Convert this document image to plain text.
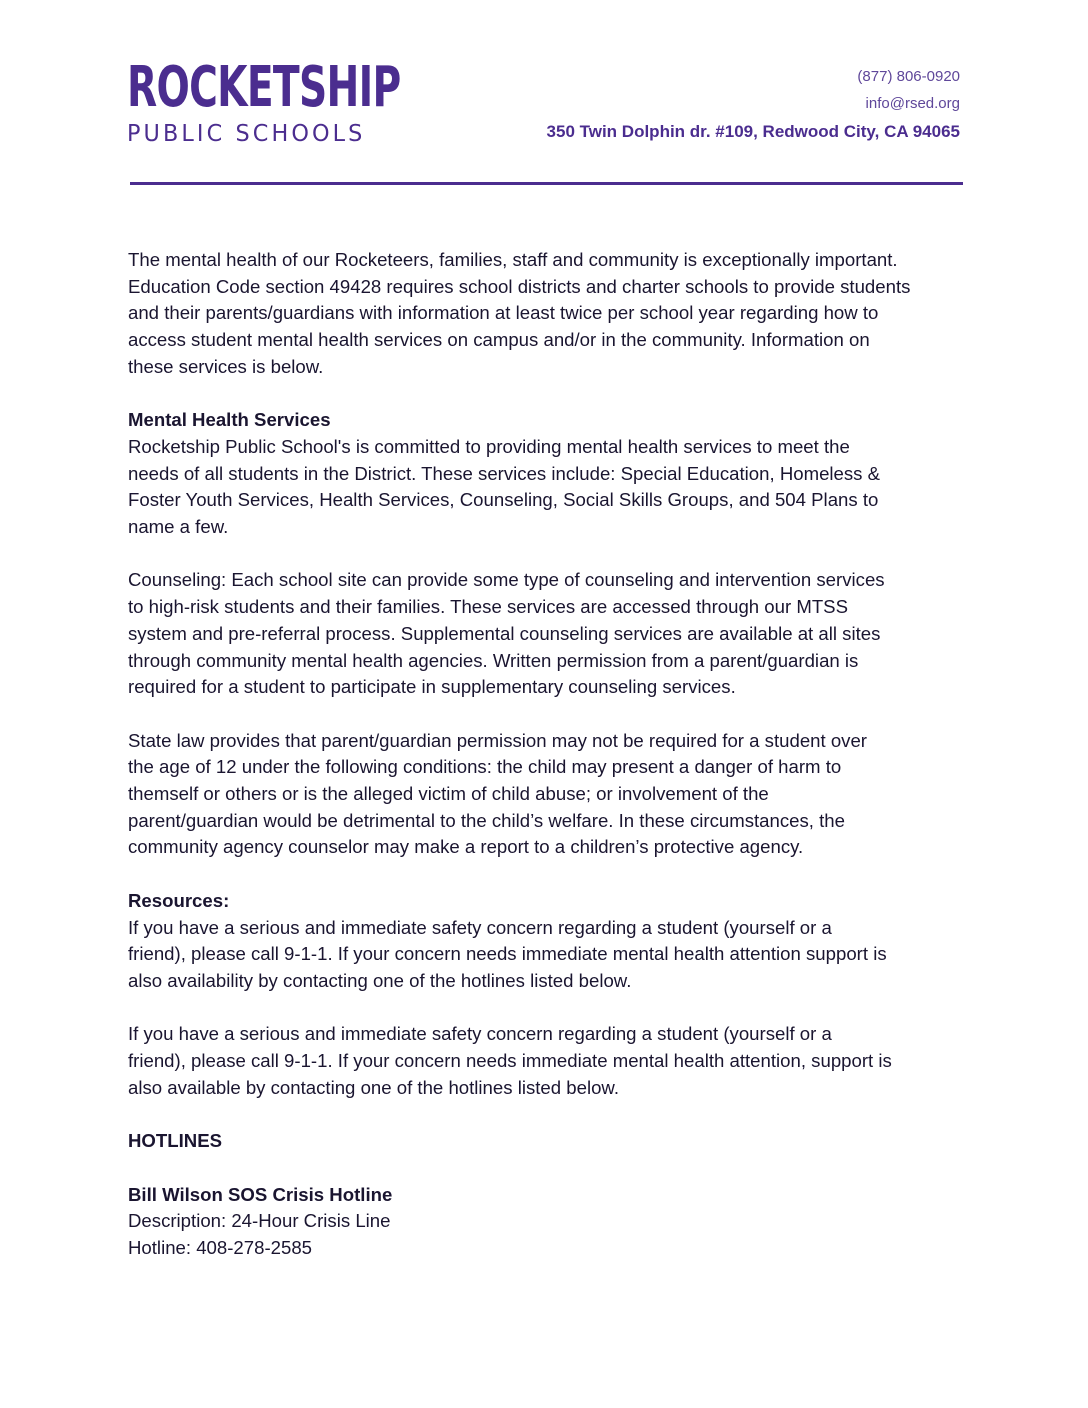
ROCKETSHIP
PUBLIC SCHOOLS
(877) 806-0920
info@rsed.org
350 Twin Dolphin dr. #109, Redwood City, CA 94065
The mental health of our Rocketeers, families, staff and community is exceptionally important.
Education Code section 49428 requires school districts and charter schools to provide students
and their parents/guardians with information at least twice per school year regarding how to
access student mental health services on campus and/or in the community. Information on
these services is below.
Mental Health Services
Rocketship Public School's is committed to providing mental health services to meet the
needs of all students in the District. These services include: Special Education, Homeless &
Foster Youth Services, Health Services, Counseling, Social Skills Groups, and 504 Plans to
name a few.
Counseling: Each school site can provide some type of counseling and intervention services
to high-risk students and their families. These services are accessed through our MTSS
system and pre-referral process. Supplemental counseling services are available at all sites
through community mental health agencies. Written permission from a parent/guardian is
required for a student to participate in supplementary counseling services.
State law provides that parent/guardian permission may not be required for a student over
the age of 12 under the following conditions: the child may present a danger of harm to
themself or others or is the alleged victim of child abuse; or involvement of the
parent/guardian would be detrimental to the child’s welfare. In these circumstances, the
community agency counselor may make a report to a children’s protective agency.
Resources:
If you have a serious and immediate safety concern regarding a student (yourself or a
friend), please call 9-1-1. If your concern needs immediate mental health attention support is
also availability by contacting one of the hotlines listed below.
If you have a serious and immediate safety concern regarding a student (yourself or a
friend), please call 9-1-1. If your concern needs immediate mental health attention, support is
also available by contacting one of the hotlines listed below.
HOTLINES
Bill Wilson SOS Crisis Hotline
Description: 24-Hour Crisis Line
Hotline: 408-278-2585
